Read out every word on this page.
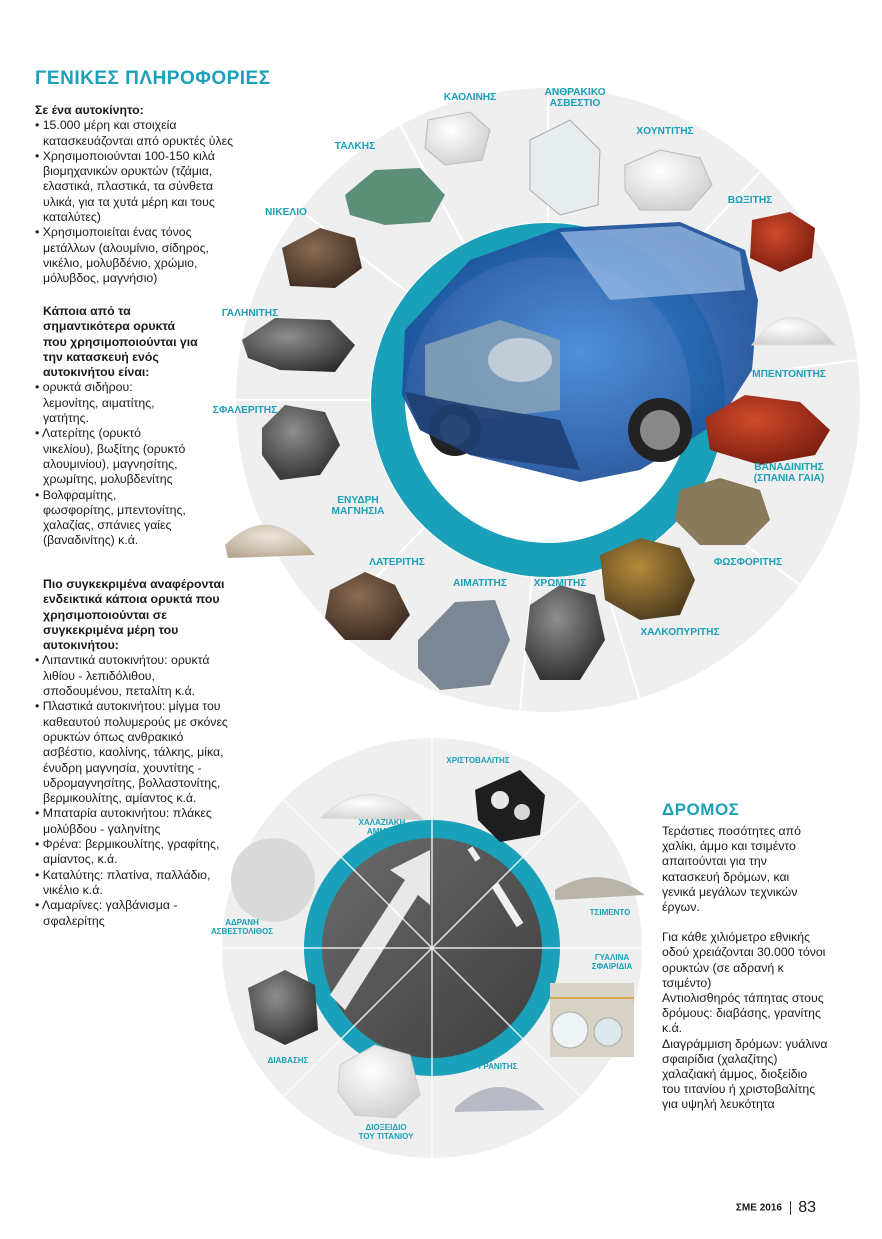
ΓΕΝΙΚΕΣ ΠΛΗΡΟΦΟΡΙΕΣ
Σε ένα αυτοκίνητο:
• 15.000 μέρη και στοιχεία
κατασκευάζονται από ορυκτές ύλες
• Χρησιμοποιούνται 100-150 κιλά
βιομηχανικών ορυκτών (τζάμια,
ελαστικά, πλαστικά, τα σύνθετα
υλικά, για τα χυτά μέρη και τους
καταλύτες)
• Χρησιμοποιείται ένας τόνος
μετάλλων (αλουμίνιο, σίδηρος,
νικέλιο, μολυβδένιο, χρώμιο,
μόλυβδος, μαγνήσιο)
Κάποια από τα
σημαντικότερα ορυκτά
που χρησιμοποιούνται για
την κατασκευή ενός
αυτοκινήτου είναι:
• ορυκτά σιδήρου:
λεμονίτης, αιματίτης,
γατήτης.
• Λατερίτης (ορυκτό
νικελίου), βωξίτης (ορυκτό
αλουμινίου), μαγνησίτης,
χρωμίτης, μολυβδενίτης
• Βολφραμίτης,
φωσφορίτης, μπεντονίτης,
χαλαζίας, σπάνιες γαίες
(βαναδινίτης) κ.ά.
Πιο συγκεκριμένα αναφέρονται
ενδεικτικά κάποια ορυκτά που
χρησιμοποιούνται σε
συγκεκριμένα μέρη του
αυτοκινήτου:
• Λιπαντικά αυτοκινήτου: ορυκτά
λιθίου - λεπιδόλιθου,
σποδουμένου, πεταλίτη κ.ά.
• Πλαστικά αυτοκινήτου: μίγμα του
καθεαυτού πολυμερούς με σκόνες
ορυκτών όπως ανθρακικό
ασβέστιο, καολίνης, τάλκης, μίκα,
ένυδρη μαγνησία, χουντίτης -
υδρομαγνησίτης, βολλαστονίτης,
βερμικουλίτης, αμίαντος κ.ά.
• Μπαταρία αυτοκινήτου: πλάκες
μολύβδου - γαληνίτης
• Φρένα: βερμικουλίτης, γραφίτης,
αμίαντος, κ.ά.
• Καταλύτης: πλατίνα, παλλάδιο,
νικέλιο κ.ά.
• Λαμαρίνες: γαλβάνισμα -
σφαλερίτης
ΚΑΟΛΙΝΗΣ	ΑΝΘΡΑΚΙΚΟ
ΑΣΒΕΣΤΙΟ
ΤΑΛΚΗΣ
ΧΟΥΝΤΙΤΗΣ
ΒΩΞΙΤΗΣ
ΝΙΚΕΛΙΟ
ΓΑΛΗΝΙΤΗΣ
ΜΠΕΝΤΟΝΙΤΗΣ
ΣΦΑΛΕΡΙΤΗΣ
ΒΑΝΑΔΙΝΙΤΗΣ
(ΣΠΑΝΙΑ ΓΑΙΑ)
ΕΝΥΔΡΗ
ΜΑΓΝΗΣΙΑ
ΦΩΣΦΟΡΙΤΗΣ
ΛΑΤΕΡΙΤΗΣ
ΑΙΜΑΤΙΤΗΣ	ΧΡΩΜΙΤΗΣ
ΧΑΛΚΟΠΥΡΙΤΗΣ
ΧΡΙΣΤΟΒΑΛΙΤΗΣ
ΧΑΛΑΖΙΑΚΗ
ΑΜΜΟΣ
ΤΣΙΜΕΝΤΟ
ΓΥΑΛΙΝΑ
ΣΦΑΙΡΙΔΙΑ
ΑΔΡΑΝΗ
ΑΣΒΕΣΤΟΛΙΘΟΣ
ΔΙΑΒΑΣΗΣ
ΓΡΑΝΙΤΗΣ
ΔΙΟΞΕΙΔΙΟ
ΤΟΥ ΤΙΤΑΝΙΟΥ
ΔΡΟΜΟΣ
Τεράστιες ποσότητες από
χαλίκι, άμμο και τσιμέντο
απαιτούνται για την
κατασκευή δρόμων, και
γενικά μεγάλων τεχνικών
έργων.
Για κάθε χιλιόμετρο εθνικής
οδού χρειάζονται 30.000 τόνοι
ορυκτών (σε αδρανή κ
τσιμέντο)
Αντιολισθηρός τάπητας στους
δρόμους: διαβάσης, γρανίτης
κ.ά.
Διαγράμμιση δρόμων: γυάλινα
σφαιρίδια (χαλαζίτης)
χαλαζιακή άμμος, διοξείδιο
του τιτανίου ή χριστοβαλίτης
για υψηλή λευκότητα
ΣΜΕ 2016 83
